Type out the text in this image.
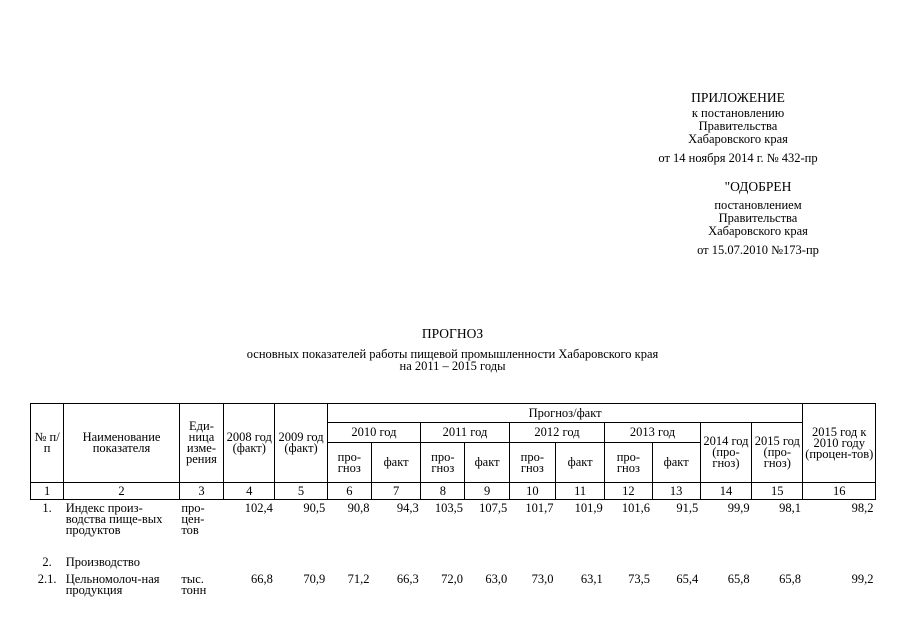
ПРИЛОЖЕНИЕ
к постановлению
Правительства
Хабаровского края
от 14 ноября 2014 г. № 432-пр
"ОДОБРЕН
постановлением
Правительства
Хабаровского края
от 15.07.2010 №173-пр
ПРОГНОЗ
основных показателей работы пищевой промышленности Хабаровского края
на 2011 – 2015 годы
№ п/п	Наименование показателя	Еди-ница изме-рения	2008 год (факт)	2009 год (факт)	Прогноз/факт										2015 год к 2010 году (процен-тов)

					2010 год		2011 год		2012 год		2013 год		2014 год (про-гноз)	2015 год (про-гноз)	

					про-гноз	факт	про-гноз	факт	про-гноз	факт	про-гноз	факт			
1	2	3	4	5	6	7	8	9	10	11	12	13	14	15	16

1.	Индекс произ-водства пище-вых продуктов	про-цен-тов	102,4	90,5	90,8	94,3	103,5	107,5	101,7	101,9	101,6	91,5	99,9	98,1	98,2
2.	Производство														
2.1.	Цельномолоч-ная продукция	тыс. тонн	66,8	70,9	71,2	66,3	72,0	63,0	73,0	63,1	73,5	65,4	65,8	65,8	99,2
